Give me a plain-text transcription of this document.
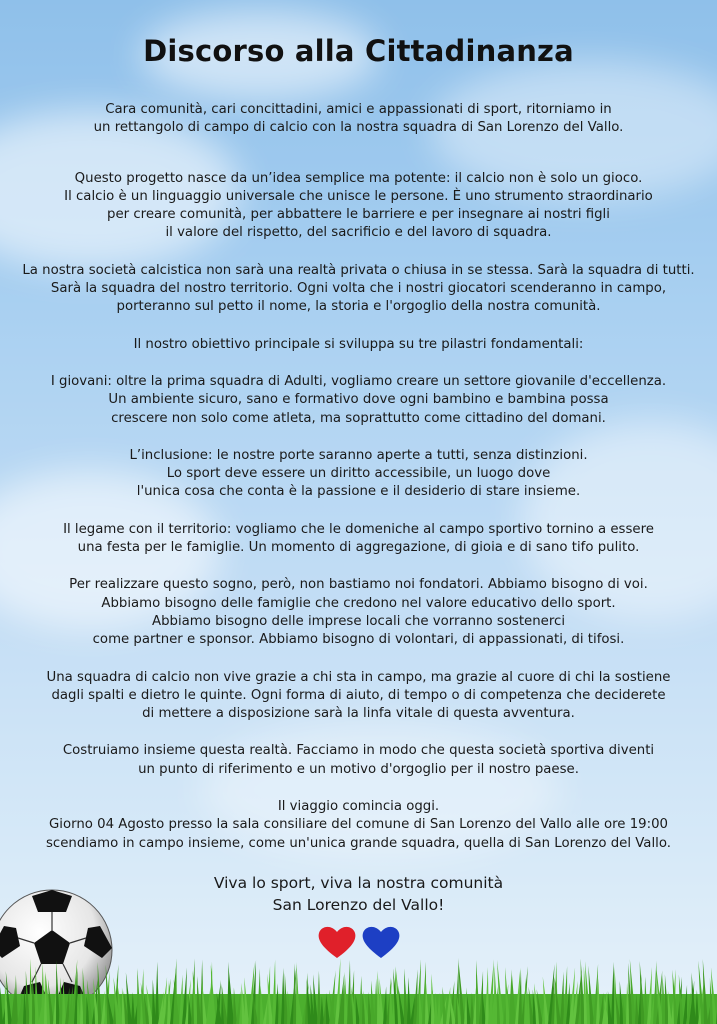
Discorso alla Cittadinanza

Cara comunità, cari concittadini, amici e appassionati di sport, ritorniamo in
un rettangolo di campo di calcio con la nostra squadra di San Lorenzo del Vallo.

Questo progetto nasce da un’idea semplice ma potente: il calcio non è solo un gioco.
Il calcio è un linguaggio universale che unisce le persone. È uno strumento straordinario
per creare comunità, per abbattere le barriere e per insegnare ai nostri figli
il valore del rispetto, del sacrificio e del lavoro di squadra.

La nostra società calcistica non sarà una realtà privata o chiusa in se stessa. Sarà la squadra di tutti.
Sarà la squadra del nostro territorio. Ogni volta che i nostri giocatori scenderanno in campo,
porteranno sul petto il nome, la storia e l'orgoglio della nostra comunità.

Il nostro obiettivo principale si sviluppa su tre pilastri fondamentali:

I giovani: oltre la prima squadra di Adulti, vogliamo creare un settore giovanile d'eccellenza.
Un ambiente sicuro, sano e formativo dove ogni bambino e bambina possa
crescere non solo come atleta, ma soprattutto come cittadino del domani.

L’inclusione: le nostre porte saranno aperte a tutti, senza distinzioni.
Lo sport deve essere un diritto accessibile, un luogo dove
l'unica cosa che conta è la passione e il desiderio di stare insieme.

Il legame con il territorio: vogliamo che le domeniche al campo sportivo tornino a essere
una festa per le famiglie. Un momento di aggregazione, di gioia e di sano tifo pulito.

Per realizzare questo sogno, però, non bastiamo noi fondatori. Abbiamo bisogno di voi.
Abbiamo bisogno delle famiglie che credono nel valore educativo dello sport.
Abbiamo bisogno delle imprese locali che vorranno sostenerci
come partner e sponsor. Abbiamo bisogno di volontari, di appassionati, di tifosi.

Una squadra di calcio non vive grazie a chi sta in campo, ma grazie al cuore di chi la sostiene
dagli spalti e dietro le quinte. Ogni forma di aiuto, di tempo o di competenza che deciderete
di mettere a disposizione sarà la linfa vitale di questa avventura.

Costruiamo insieme questa realtà. Facciamo in modo che questa società sportiva diventi
un punto di riferimento e un motivo d'orgoglio per il nostro paese.

Il viaggio comincia oggi.
Giorno 04 Agosto presso la sala consiliare del comune di San Lorenzo del Vallo alle ore 19:00
scendiamo in campo insieme, come un'unica grande squadra, quella di San Lorenzo del Vallo.

Viva lo sport, viva la nostra comunità
San Lorenzo del Vallo!
